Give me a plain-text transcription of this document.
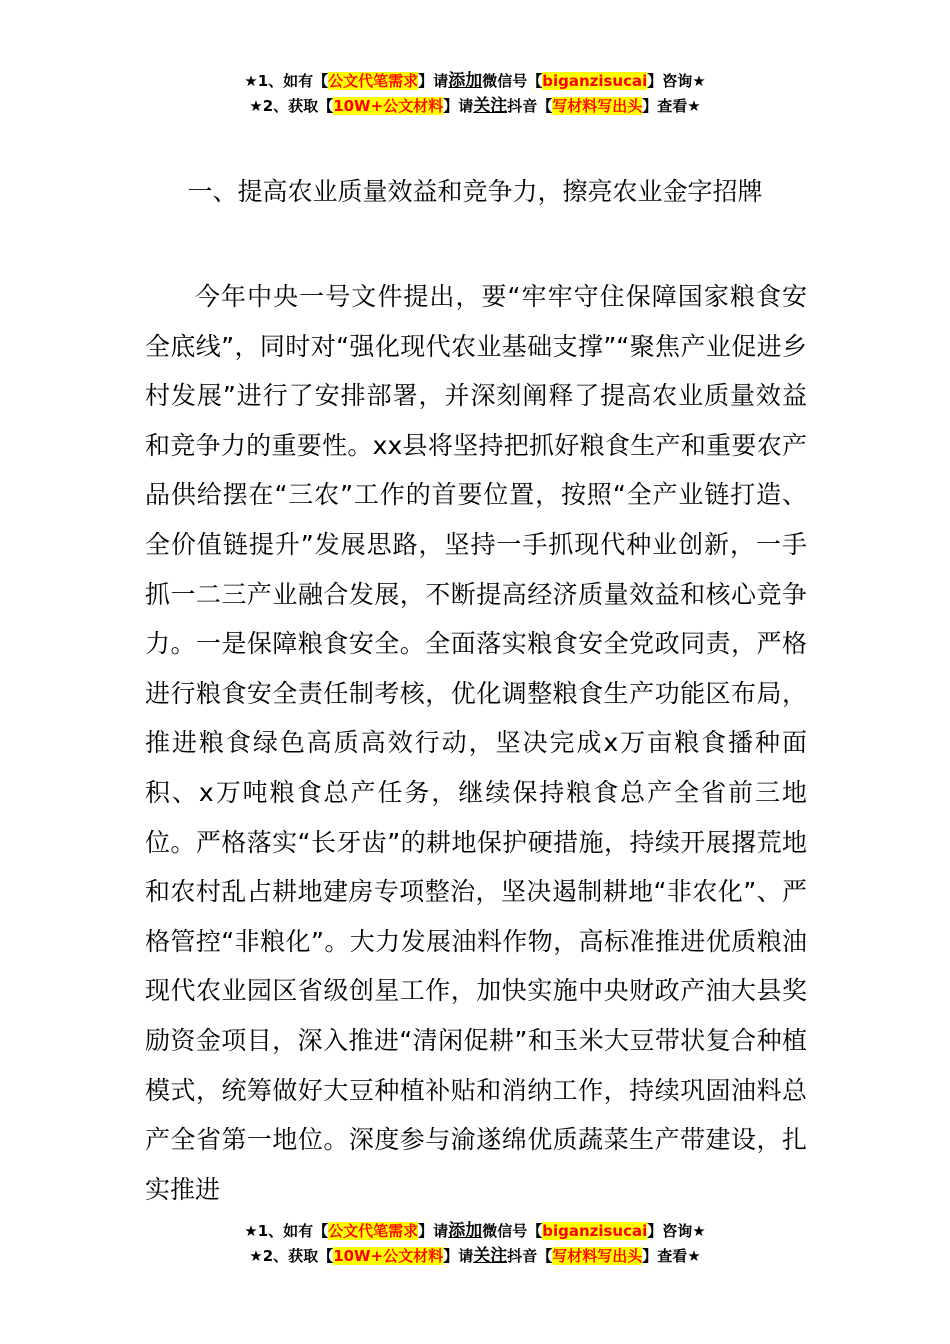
★1、如有【公文代笔需求】请添加微信号【biganzisucai】咨询★
★2、获取【10W+公文材料】请关注抖音【写材料写出头】查看★
一、提高农业质量效益和竞争力，擦亮农业金字招牌

今年中央一号文件提出，要“牢牢守住保障国家粮食安全底线”，同时对“强化现代农业基础支撑”“聚焦产业促进乡村发展”进行了安排部署，并深刻阐释了提高农业质量效益和竞争力的重要性。xx县将坚持把抓好粮食生产和重要农产品供给摆在“三农”工作的首要位置，按照“全产业链打造、全价值链提升”发展思路，坚持一手抓现代种业创新，一手抓一二三产业融合发展，不断提高经济质量效益和核心竞争力。一是保障粮食安全。全面落实粮食安全党政同责，严格进行粮食安全责任制考核，优化调整粮食生产功能区布局，推进粮食绿色高质高效行动，坚决完成x万亩粮食播种面积、x万吨粮食总产任务，继续保持粮食总产全省前三地位。严格落实“长牙齿”的耕地保护硬措施，持续开展撂荒地和农村乱占耕地建房专项整治，坚决遏制耕地“非农化”、严格管控“非粮化”。大力发展油料作物，高标准推进优质粮油现代农业园区省级创星工作，加快实施中央财政产油大县奖励资金项目，深入推进“清闲促耕”和玉米大豆带状复合种植模式，统筹做好大豆种植补贴和消纳工作，持续巩固油料总产全省第一地位。深度参与渝遂绵优质蔬菜生产带建设，扎实推进

★1、如有【公文代笔需求】请添加微信号【biganzisucai】咨询★
★2、获取【10W+公文材料】请关注抖音【写材料写出头】查看★
